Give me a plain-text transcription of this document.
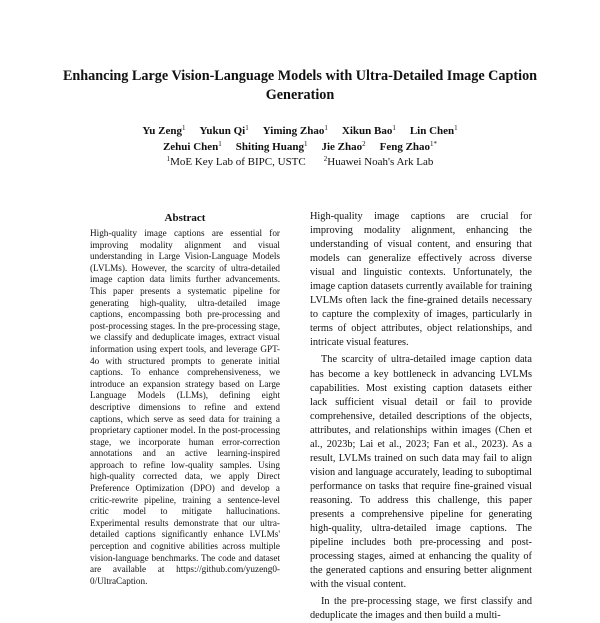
Enhancing Large Vision-Language Models with Ultra-Detailed Image Caption Generation
Yu Zeng$^1$ Yukun Qi$^1$ Yiming Zhao$^1$ Xikun Bao$^1$ Lin Chen$^1$
Zehui Chen$^1$ Shiting Huang$^1$ Jie Zhao$^2$ Feng Zhao$^{1*}$
$^1$MoE Key Lab of BIPC, USTC	$^2$Huawei Noah's Ark Lab
Abstract

High-quality image captions are essential for improving modality alignment and visual understanding in Large Vision-Language Models (LVLMs). However, the scarcity of ultra-detailed image caption data limits further advancements. This paper presents a systematic pipeline for generating high-quality, ultra-detailed image captions, encompassing both pre-processing and post-processing stages. In the pre-processing stage, we classify and deduplicate images, extract visual information using expert tools, and leverage GPT-4o with structured prompts to generate initial captions. To enhance comprehensiveness, we introduce an expansion strategy based on Large Language Models (LLMs), defining eight descriptive dimensions to refine and extend captions, which serve as seed data for training a proprietary captioner model. In the post-processing stage, we incorporate human error-correction annotations and an active learning-inspired approach to refine low-quality samples. Using high-quality corrected data, we apply Direct Preference Optimization (DPO) and develop a critic-rewrite pipeline, training a sentence-level critic model to mitigate hallucinations. Experimental results demonstrate that our ultra-detailed captions significantly enhance LVLMs' perception and cognitive abilities across multiple vision-language benchmarks. The code and dataset are available at https://github.com/yuzeng0-0/UltraCaption.

High-quality image captions are crucial for improving modality alignment, enhancing the understanding of visual content, and ensuring that models can generalize effectively across diverse visual and linguistic contexts. Unfortunately, the image caption datasets currently available for training LVLMs often lack the fine-grained details necessary to capture the complexity of images, particularly in terms of object attributes, object relationships, and intricate visual features.

The scarcity of ultra-detailed image caption data has become a key bottleneck in advancing LVLMs capabilities. Most existing caption datasets either lack sufficient visual detail or fail to provide comprehensive, detailed descriptions of the objects, attributes, and relationships within images (Chen et al., 2023b; Lai et al., 2023; Fan et al., 2023). As a result, LVLMs trained on such data may fail to align vision and language accurately, leading to suboptimal performance on tasks that require fine-grained visual reasoning. To address this challenge, this paper presents a comprehensive pipeline for generating high-quality, ultra-detailed image captions. The pipeline includes both pre-processing and post-processing stages, aimed at enhancing the quality of the generated captions and ensuring better alignment with the visual content.

In the pre-processing stage, we first classify and deduplicate the images and then build a multi-
